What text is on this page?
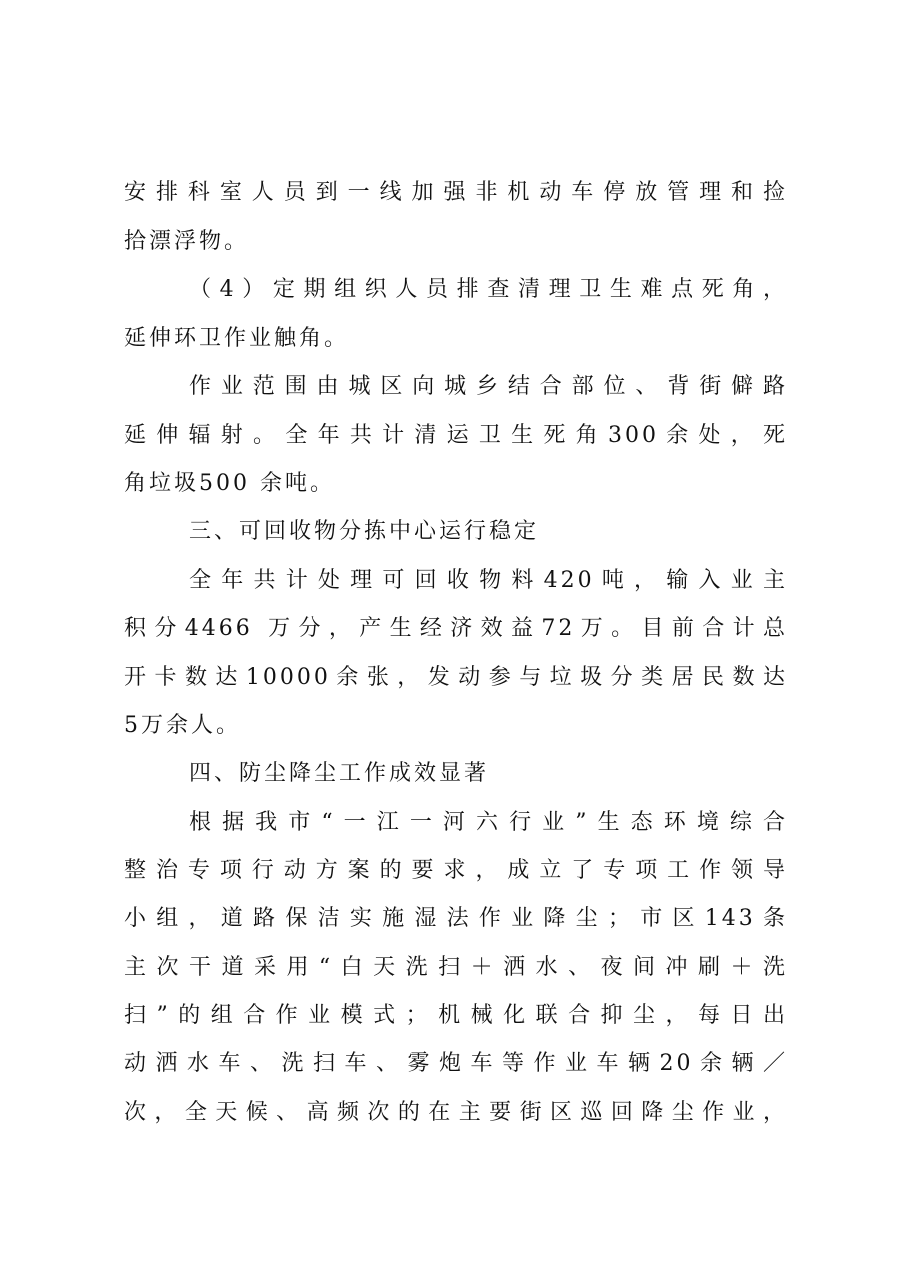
安排科室人员到一线加强非机动车停放管理和捡
拾漂浮物。
（4）定期组织人员排查清理卫生难点死角，
延伸环卫作业触角。
作业范围由城区向城乡结合部位、背街僻路
延伸辐射。全年共计清运卫生死角300余处，死
角垃圾500 余吨。
三、可回收物分拣中心运行稳定
全年共计处理可回收物料420吨，输入业主
积分4466 万分，产生经济效益72万。目前合计总
开卡数达10000余张，发动参与垃圾分类居民数达
5万余人。
四、防尘降尘工作成效显著
根据我市“一江一河六行业”生态环境综合
整治专项行动方案的要求，成立了专项工作领导
小组，道路保洁实施湿法作业降尘；市区143条
主次干道采用“白天洗扫＋洒水、夜间冲刷＋洗
扫”的组合作业模式；机械化联合抑尘，每日出
动洒水车、洗扫车、雾炮车等作业车辆20余辆／
次，全天候、高频次的在主要街区巡回降尘作业，
